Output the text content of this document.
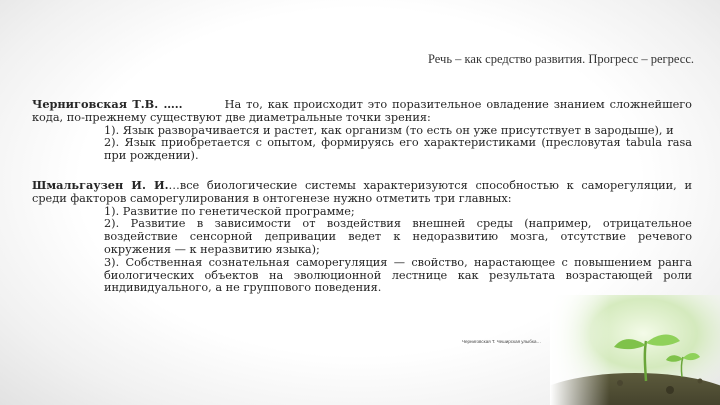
Речь – как средство развития. Прогресс – регресс.

Черниговская Т.В. …..	На то, как происходит это поразительное овладение знанием сложнейшего кода, по-прежнему существуют две диаметральные точки зрения:

1). Язык разворачивается и растет, как организм (то есть он уже присутствует в зародыше), и

2). Язык приобретается с опытом, формируясь его характеристиками (пресловутая tabula rasa при рождении).

Шмальгаузен И. И.…все биологические системы характеризуются способностью к саморегуляции, и среди факторов саморегулирования в онтогенезе нужно отметить три главных:

1). Развитие по генетической программе;

2). Развитие в зависимости от воздействия внешней среды (например, отрицательное воздействие сенсорной депривации ведет к недоразвитию мозга, отсутствие речевого окружения — к неразвитию языка);

3). Собственная сознательная саморегуляция — свойство, нарастающее с повышением ранга биологических объектов на эволюционной лестнице как результата возрастающей роли индивидуального, а не группового поведения.

Черниговская Т. Чеширская улыбка…
